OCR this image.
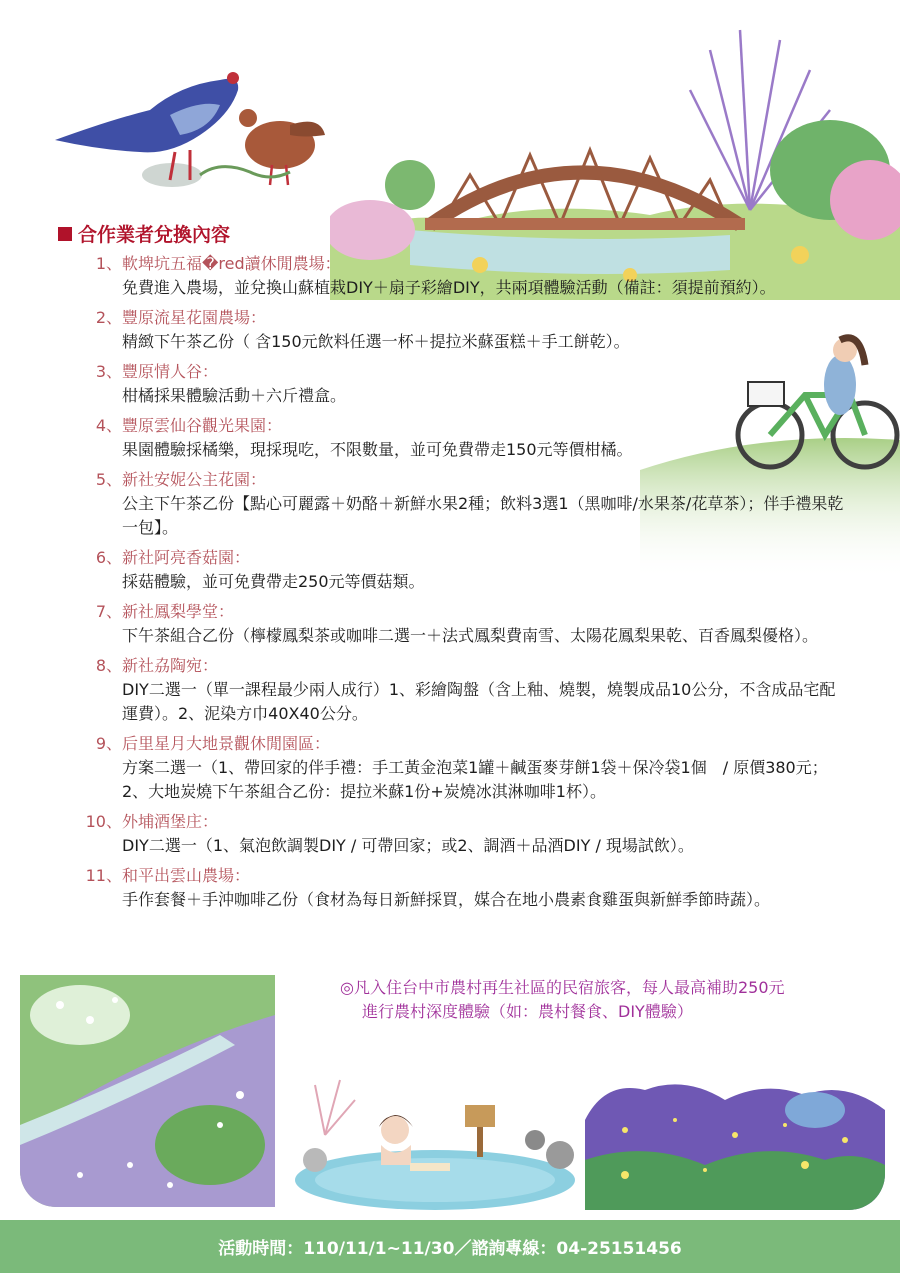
合作業者兌換內容
1、 軟埤坑五福�red讀休閒農場：
免費進入農場，並兌換山蘇植栽DIY＋扇子彩繪DIY，共兩項體驗活動（備註：須提前預約）。
2、 豐原流星花園農場：
精緻下午茶乙份（ 含150元飲料任選一杯＋提拉米蘇蛋糕＋手工餅乾）。
3、 豐原情人谷：
柑橘採果體驗活動＋六斤禮盒。
4、 豐原雲仙谷觀光果園：
果園體驗採橘樂，現採現吃，不限數量，並可免費帶走150元等價柑橘。
5、 新社安妮公主花園：
公主下午茶乙份【點心可麗露＋奶酪＋新鮮水果2種；飲料3選1（黑咖啡/水果茶/花草茶）；伴手禮果乾一包】。
6、 新社阿亮香菇園：
採菇體驗，並可免費帶走250元等價菇類。
7、 新社鳳梨學堂：
下午茶組合乙份（檸檬鳳梨茶或咖啡二選一＋法式鳳梨費南雪、太陽花鳳梨果乾、百香鳳梨優格）。
8、 新社劦陶宛：
DIY二選一（單一課程最少兩人成行）1、彩繪陶盤（含上釉、燒製，燒製成品10公分，不含成品宅配運費）。2、泥染方巾40X40公分。
9、 后里星月大地景觀休閒園區：
方案二選一（1、帶回家的伴手禮：手工黃金泡菜1罐＋鹹蛋麥芽餅1袋＋保冷袋1個　/ 原價380元；2、大地炭燒下午茶組合乙份：提拉米蘇1份+炭燒冰淇淋咖啡1杯）。
10、 外埔酒堡庄：
DIY二選一（1、氣泡飲調製DIY / 可帶回家；或2、調酒＋品酒DIY / 現場試飲）。
11、 和平出雲山農場：
手作套餐＋手沖咖啡乙份（食材為每日新鮮採買，媒合在地小農素食雞蛋與新鮮季節時蔬）。
◎凡入住台中市農村再生社區的民宿旅客，每人最高補助250元
進行農村深度體驗（如：農村餐食、DIY體驗）
活動時間：110/11/1~11/30／諮詢專線：04-25151456
